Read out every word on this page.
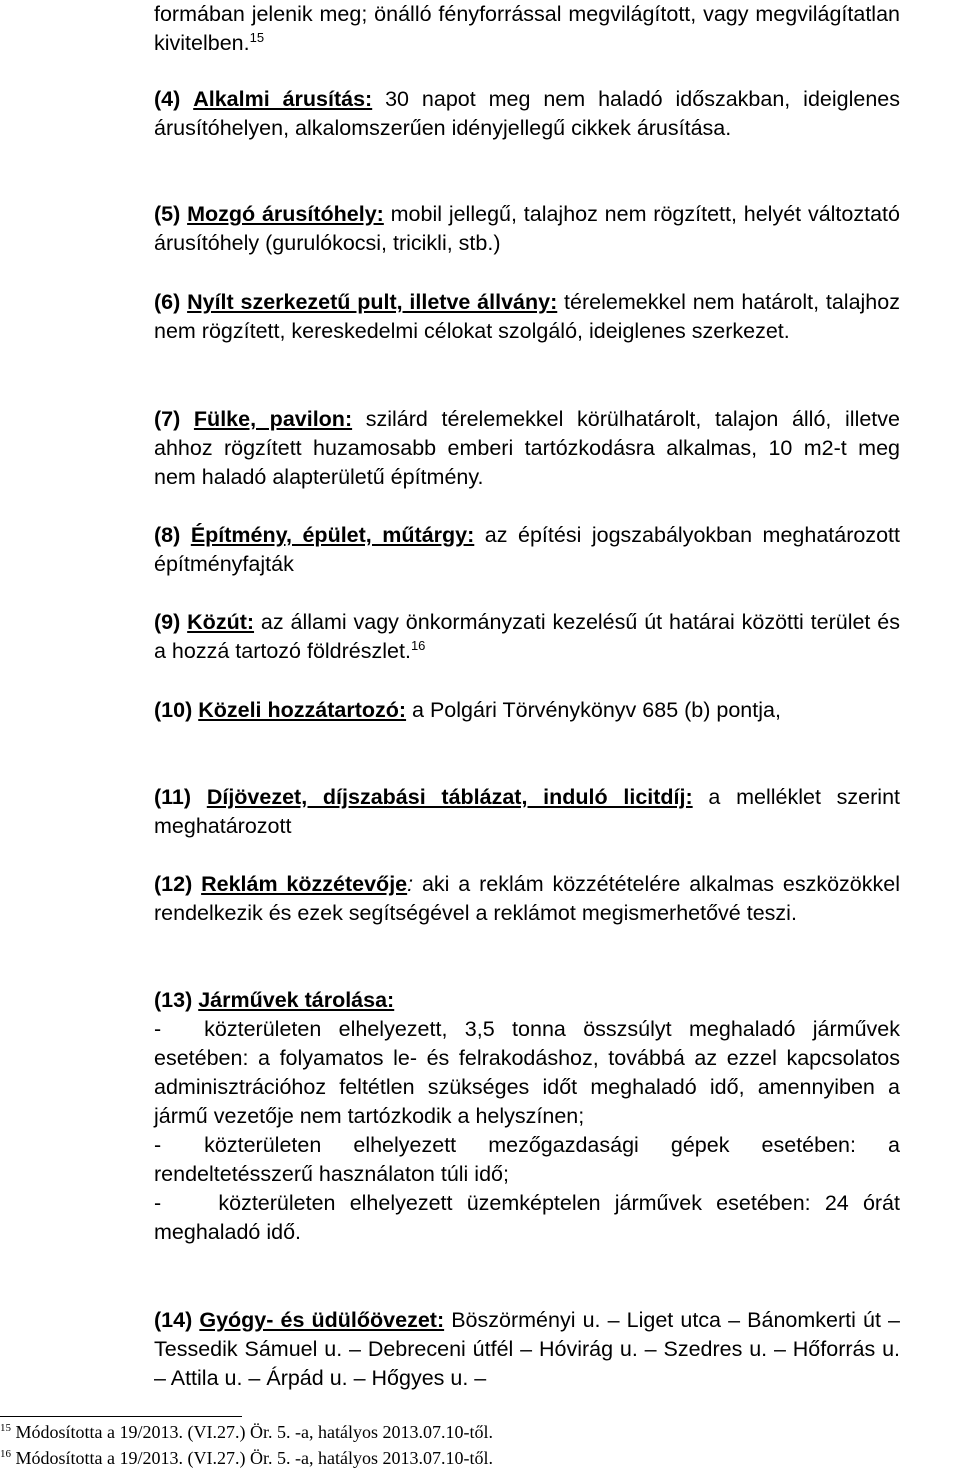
formában jelenik meg; önálló fényforrással megvilágított, vagy megvilágítatlan kivitelben.$^{15}$

(4) Alkalmi árusítás: 30 napot meg nem haladó időszakban, ideiglenes árusítóhelyen, alkalomszerűen idényjellegű cikkek árusítása.

(5) Mozgó árusítóhely: mobil jellegű, talajhoz nem rögzített, helyét változtató árusítóhely (gurulókocsi, tricikli, stb.)

(6) Nyílt szerkezetű pult, illetve állvány: térelemekkel nem határolt, talajhoz nem rögzített, kereskedelmi célokat szolgáló, ideiglenes szerkezet.

(7) Fülke, pavilon: szilárd térelemekkel körülhatárolt, talajon álló, illetve ahhoz rögzített huzamosabb emberi tartózkodásra alkalmas, 10 m2-t meg nem haladó alapterületű építmény.

(8) Építmény, épület, műtárgy: az építési jogszabályokban meghatározott építményfajták

(9) Közút: az állami vagy önkormányzati kezelésű út határai közötti terület és a hozzá tartozó földrészlet.$^{16}$

(10) Közeli hozzátartozó: a Polgári Törvénykönyv 685 (b) pontja,

(11) Díjövezet, díjszabási táblázat, induló licitdíj: a melléklet szerint meghatározott

(12) Reklám közzétevője: aki a reklám közzétételére alkalmas eszközökkel rendelkezik és ezek segítségével a reklámot megismerhetővé teszi.

(13) Járművek tárolása:
-  közterületen elhelyezett, 3,5 tonna összsúlyt meghaladó járművek esetében: a folyamatos le- és felrakodáshoz, továbbá az ezzel kapcsolatos adminisztrációhoz feltétlen szükséges időt meghaladó idő, amennyiben a jármű vezetője nem tartózkodik a helyszínen;
-  közterületen elhelyezett mezőgazdasági gépek esetében: a rendeltetésszerű használaton túli idő;
-   közterületen elhelyezett üzemképtelen járművek esetében: 24 órát meghaladó idő.

(14) Gyógy- és üdülőövezet: Böszörményi u. – Liget utca – Bánomkerti út – Tessedik Sámuel u. – Debreceni útfél – Hóvirág u. – Szedres u. – Hőforrás u. – Attila u. – Árpád u. – Hőgyes u. –

$^{15}$ Módosította a 19/2013. (VI.27.) Ör. 5. -a, hatályos 2013.07.10-től.
$^{16}$ Módosította a 19/2013. (VI.27.) Ör. 5. -a, hatályos 2013.07.10-től.
